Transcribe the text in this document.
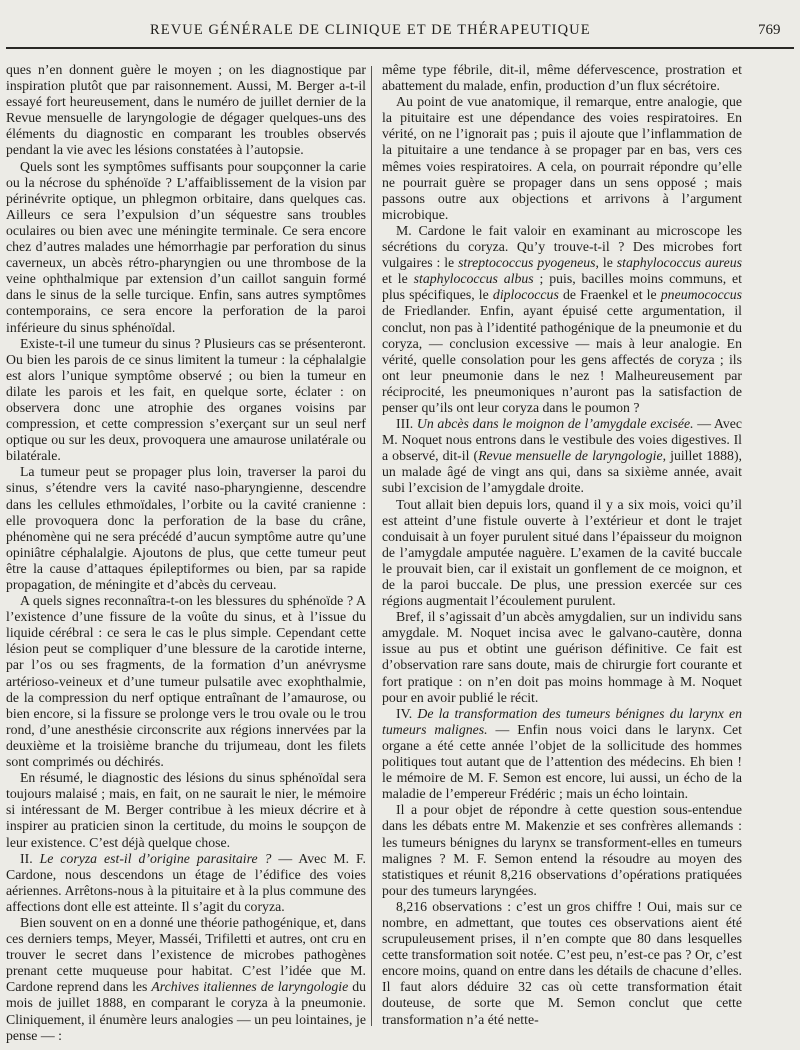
REVUE GÉNÉRALE DE CLINIQUE ET DE THÉRAPEUTIQUE	769

ques n’en donnent guère le moyen ; on les diagnostique par inspiration plutôt que par raisonnement. Aussi, M. Berger a-t-il essayé fort heureusement, dans le numéro de juillet dernier de la Revue mensuelle de laryngologie de dégager quelques-uns des éléments du diagnostic en comparant les troubles observés pendant la vie avec les lésions constatées à l’autopsie.

Quels sont les symptômes suffisants pour soupçonner la carie ou la nécrose du sphénoïde ? L’affaiblissement de la vision par périnévrite optique, un phlegmon orbitaire, dans quelques cas. Ailleurs ce sera l’expulsion d’un séquestre sans troubles oculaires ou bien avec une méningite terminale. Ce sera encore chez d’autres malades une hémorrhagie par perforation du sinus caverneux, un abcès rétro-pharyngien ou une thrombose de la veine ophthalmique par extension d’un caillot sanguin formé dans le sinus de la selle turcique. Enfin, sans autres symptômes contemporains, ce sera encore la perforation de la paroi inférieure du sinus sphénoïdal.

Existe-t-il une tumeur du sinus ? Plusieurs cas se présenteront. Ou bien les parois de ce sinus limitent la tumeur : la céphalalgie est alors l’unique symptôme observé ; ou bien la tumeur en dilate les parois et les fait, en quelque sorte, éclater : on observera donc une atrophie des organes voisins par compression, et cette compression s’exerçant sur un seul nerf optique ou sur les deux, provoquera une amaurose unilatérale ou bilatérale.

La tumeur peut se propager plus loin, traverser la paroi du sinus, s’étendre vers la cavité naso-pharyngienne, descendre dans les cellules ethmoïdales, l’orbite ou la cavité cranienne : elle provoquera donc la perforation de la base du crâne, phénomène qui ne sera précédé d’aucun symptôme autre qu’une opiniâtre céphalalgie. Ajoutons de plus, que cette tumeur peut être la cause d’attaques épileptiformes ou bien, par sa rapide propagation, de méningite et d’abcès du cerveau.

A quels signes reconnaîtra-t-on les blessures du sphénoïde ? A l’existence d’une fissure de la voûte du sinus, et à l’issue du liquide cérébral : ce sera le cas le plus simple. Cependant cette lésion peut se compliquer d’une blessure de la carotide interne, par l’os ou ses fragments, de la formation d’un anévrysme artérioso-veineux et d’une tumeur pulsatile avec exophthalmie, de la compression du nerf optique entraînant de l’amaurose, ou bien encore, si la fissure se prolonge vers le trou ovale ou le trou rond, d’une anesthésie circonscrite aux régions innervées par la deuxième et la troisième branche du trijumeau, dont les filets sont comprimés ou déchirés.

En résumé, le diagnostic des lésions du sinus sphénoïdal sera toujours malaisé ; mais, en fait, on ne saurait le nier, le mémoire si intéressant de M. Berger contribue à les mieux décrire et à inspirer au praticien sinon la certitude, du moins le soupçon de leur existence. C’est déjà quelque chose.

II. Le coryza est-il d’origine parasitaire ? — Avec M. F. Cardone, nous descendons un étage de l’édifice des voies aériennes. Arrêtons-nous à la pituitaire et à la plus commune des affections dont elle est atteinte. Il s’agit du coryza.

Bien souvent on en a donné une théorie pathogénique, et, dans ces derniers temps, Meyer, Masséi, Trifiletti et autres, ont cru en trouver le secret dans l’existence de microbes pathogènes prenant cette muqueuse pour habitat. C’est l’idée que M. Cardone reprend dans les Archives italiennes de laryngologie du mois de juillet 1888, en comparant le coryza à la pneumonie. Cliniquement, il énumère leurs analogies — un peu lointaines, je pense — :

même type fébrile, dit-il, même défervescence, prostration et abattement du malade, enfin, production d’un flux sécrétoire.

Au point de vue anatomique, il remarque, entre analogie, que la pituitaire est une dépendance des voies respiratoires. En vérité, on ne l’ignorait pas ; puis il ajoute que l’inflammation de la pituitaire a une tendance à se propager par en bas, vers ces mêmes voies respiratoires. A cela, on pourrait répondre qu’elle ne pourrait guère se propager dans un sens opposé ; mais passons outre aux objections et arrivons à l’argument microbique.

M. Cardone le fait valoir en examinant au microscope les sécrétions du coryza. Qu’y trouve-t-il ? Des microbes fort vulgaires : le streptococcus pyogeneus, le staphylococcus aureus et le staphylococcus albus ; puis, bacilles moins communs, et plus spécifiques, le diplococcus de Fraenkel et le pneumococcus de Friedlander. Enfin, ayant épuisé cette argumentation, il conclut, non pas à l’identité pathogénique de la pneumonie et du coryza, — conclusion excessive — mais à leur analogie. En vérité, quelle consolation pour les gens affectés de coryza ; ils ont leur pneumonie dans le nez ! Malheureusement par réciprocité, les pneumoniques n’auront pas la satisfaction de penser qu’ils ont leur coryza dans le poumon ?

III. Un abcès dans le moignon de l’amygdale excisée. — Avec M. Noquet nous entrons dans le vestibule des voies digestives. Il a observé, dit-il (Revue mensuelle de laryngologie, juillet 1888), un malade âgé de vingt ans qui, dans sa sixième année, avait subi l’excision de l’amygdale droite.

Tout allait bien depuis lors, quand il y a six mois, voici qu’il est atteint d’une fistule ouverte à l’extérieur et dont le trajet conduisait à un foyer purulent situé dans l’épaisseur du moignon de l’amygdale amputée naguère. L’examen de la cavité buccale le prouvait bien, car il existait un gonflement de ce moignon, et de la paroi buccale. De plus, une pression exercée sur ces régions augmentait l’écoulement purulent.

Bref, il s’agissait d’un abcès amygdalien, sur un individu sans amygdale. M. Noquet incisa avec le galvano-cautère, donna issue au pus et obtint une guérison définitive. Ce fait est d’observation rare sans doute, mais de chirurgie fort courante et fort pratique : on n’en doit pas moins hommage à M. Noquet pour en avoir publié le récit.

IV. De la transformation des tumeurs bénignes du larynx en tumeurs malignes. — Enfin nous voici dans le larynx. Cet organe a été cette année l’objet de la sollicitude des hommes politiques tout autant que de l’attention des médecins. Eh bien ! le mémoire de M. F. Semon est encore, lui aussi, un écho de la maladie de l’empereur Frédéric ; mais un écho lointain.

Il a pour objet de répondre à cette question sous-entendue dans les débats entre M. Makenzie et ses confrères allemands : les tumeurs bénignes du larynx se transforment-elles en tumeurs malignes ? M. F. Semon entend la résoudre au moyen des statistiques et réunit 8,216 observations d’opérations pratiquées pour des tumeurs laryngées.

8,216 observations : c’est un gros chiffre ! Oui, mais sur ce nombre, en admettant, que toutes ces observations aient été scrupuleusement prises, il n’en compte que 80 dans lesquelles cette transformation soit notée. C’est peu, n’est-ce pas ? Or, c’est encore moins, quand on entre dans les détails de chacune d’elles. Il faut alors déduire 32 cas où cette transformation était douteuse, de sorte que M. Semon conclut que cette transformation n’a été nette-
